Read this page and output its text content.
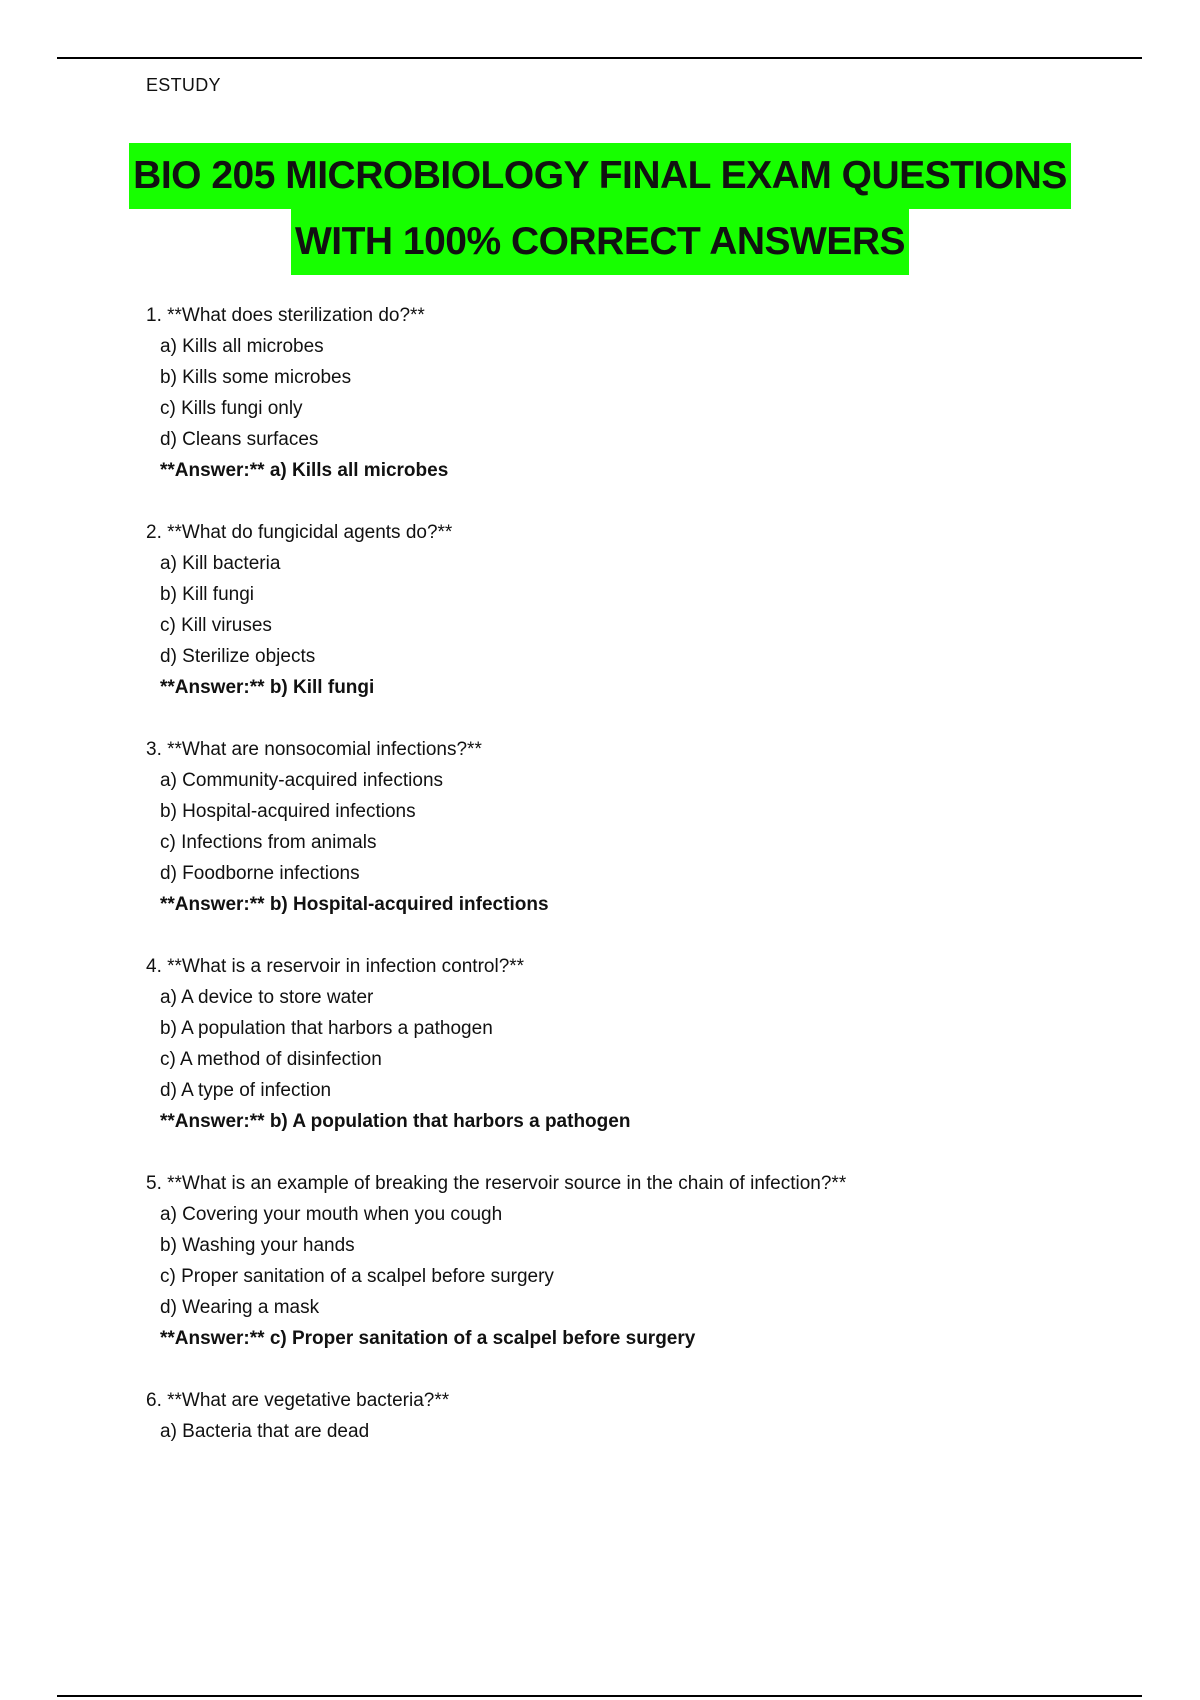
ESTUDY
BIO 205 MICROBIOLOGY FINAL EXAM QUESTIONS
WITH 100% CORRECT ANSWERS

1. **What does sterilization do?**

a) Kills all microbes

b) Kills some microbes

c) Kills fungi only

d) Cleans surfaces

**Answer:** a) Kills all microbes

2. **What do fungicidal agents do?**

a) Kill bacteria

b) Kill fungi

c) Kill viruses

d) Sterilize objects

**Answer:** b) Kill fungi

3. **What are nonsocomial infections?**

a) Community-acquired infections

b) Hospital-acquired infections

c) Infections from animals

d) Foodborne infections

**Answer:** b) Hospital-acquired infections

4. **What is a reservoir in infection control?**

a) A device to store water

b) A population that harbors a pathogen

c) A method of disinfection

d) A type of infection

**Answer:** b) A population that harbors a pathogen

5. **What is an example of breaking the reservoir source in the chain of infection?**

a) Covering your mouth when you cough

b) Washing your hands

c) Proper sanitation of a scalpel before surgery

d) Wearing a mask

**Answer:** c) Proper sanitation of a scalpel before surgery

6. **What are vegetative bacteria?**

a) Bacteria that are dead
